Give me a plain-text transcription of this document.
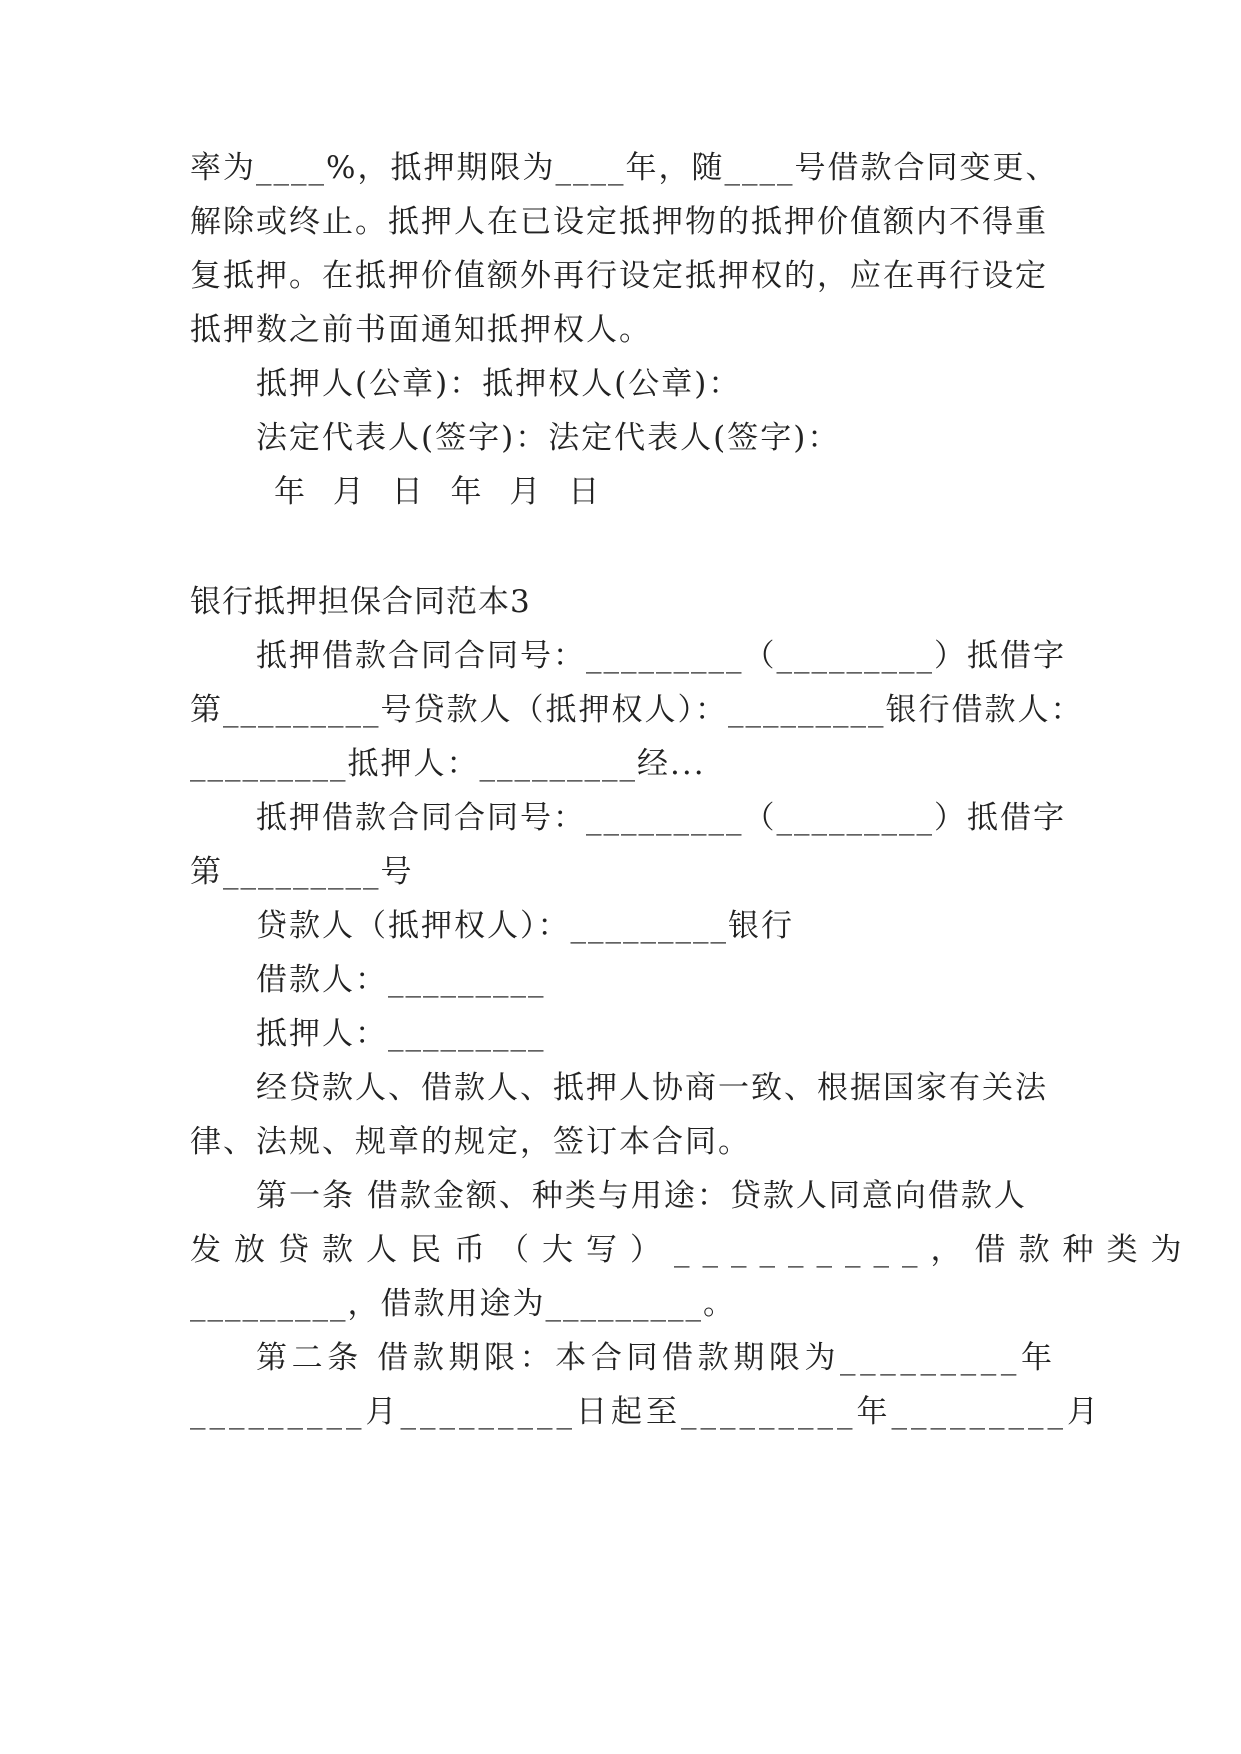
率为____%，抵押期限为____年，随____号借款合同变更、
解除或终止。抵押人在已设定抵押物的抵押价值额内不得重
复抵押。在抵押价值额外再行设定抵押权的，应在再行设定
抵押数之前书面通知抵押权人。
抵押人(公章)：抵押权人(公章)：
法定代表人(签字)：法定代表人(签字)：
年 月 日 年 月 日
银行抵押担保合同范本3
抵押借款合同合同号：_________（_________）抵借字
第_________号贷款人（抵押权人）：_________银行借款人：
_________抵押人：_________经...
抵押借款合同合同号：_________（_________）抵借字
第_________号
贷款人（抵押权人）：_________银行
借款人：_________
抵押人：_________
经贷款人、借款人、抵押人协商一致、根据国家有关法
律、法规、规章的规定，签订本合同。
第一条 借款金额、种类与用途：贷款人同意向借款人
发放贷款人民币（大写）_________，借款种类为
_________，借款用途为_________。
第二条 借款期限：本合同借款期限为_________年
_________月_________日起至_________年_________月
